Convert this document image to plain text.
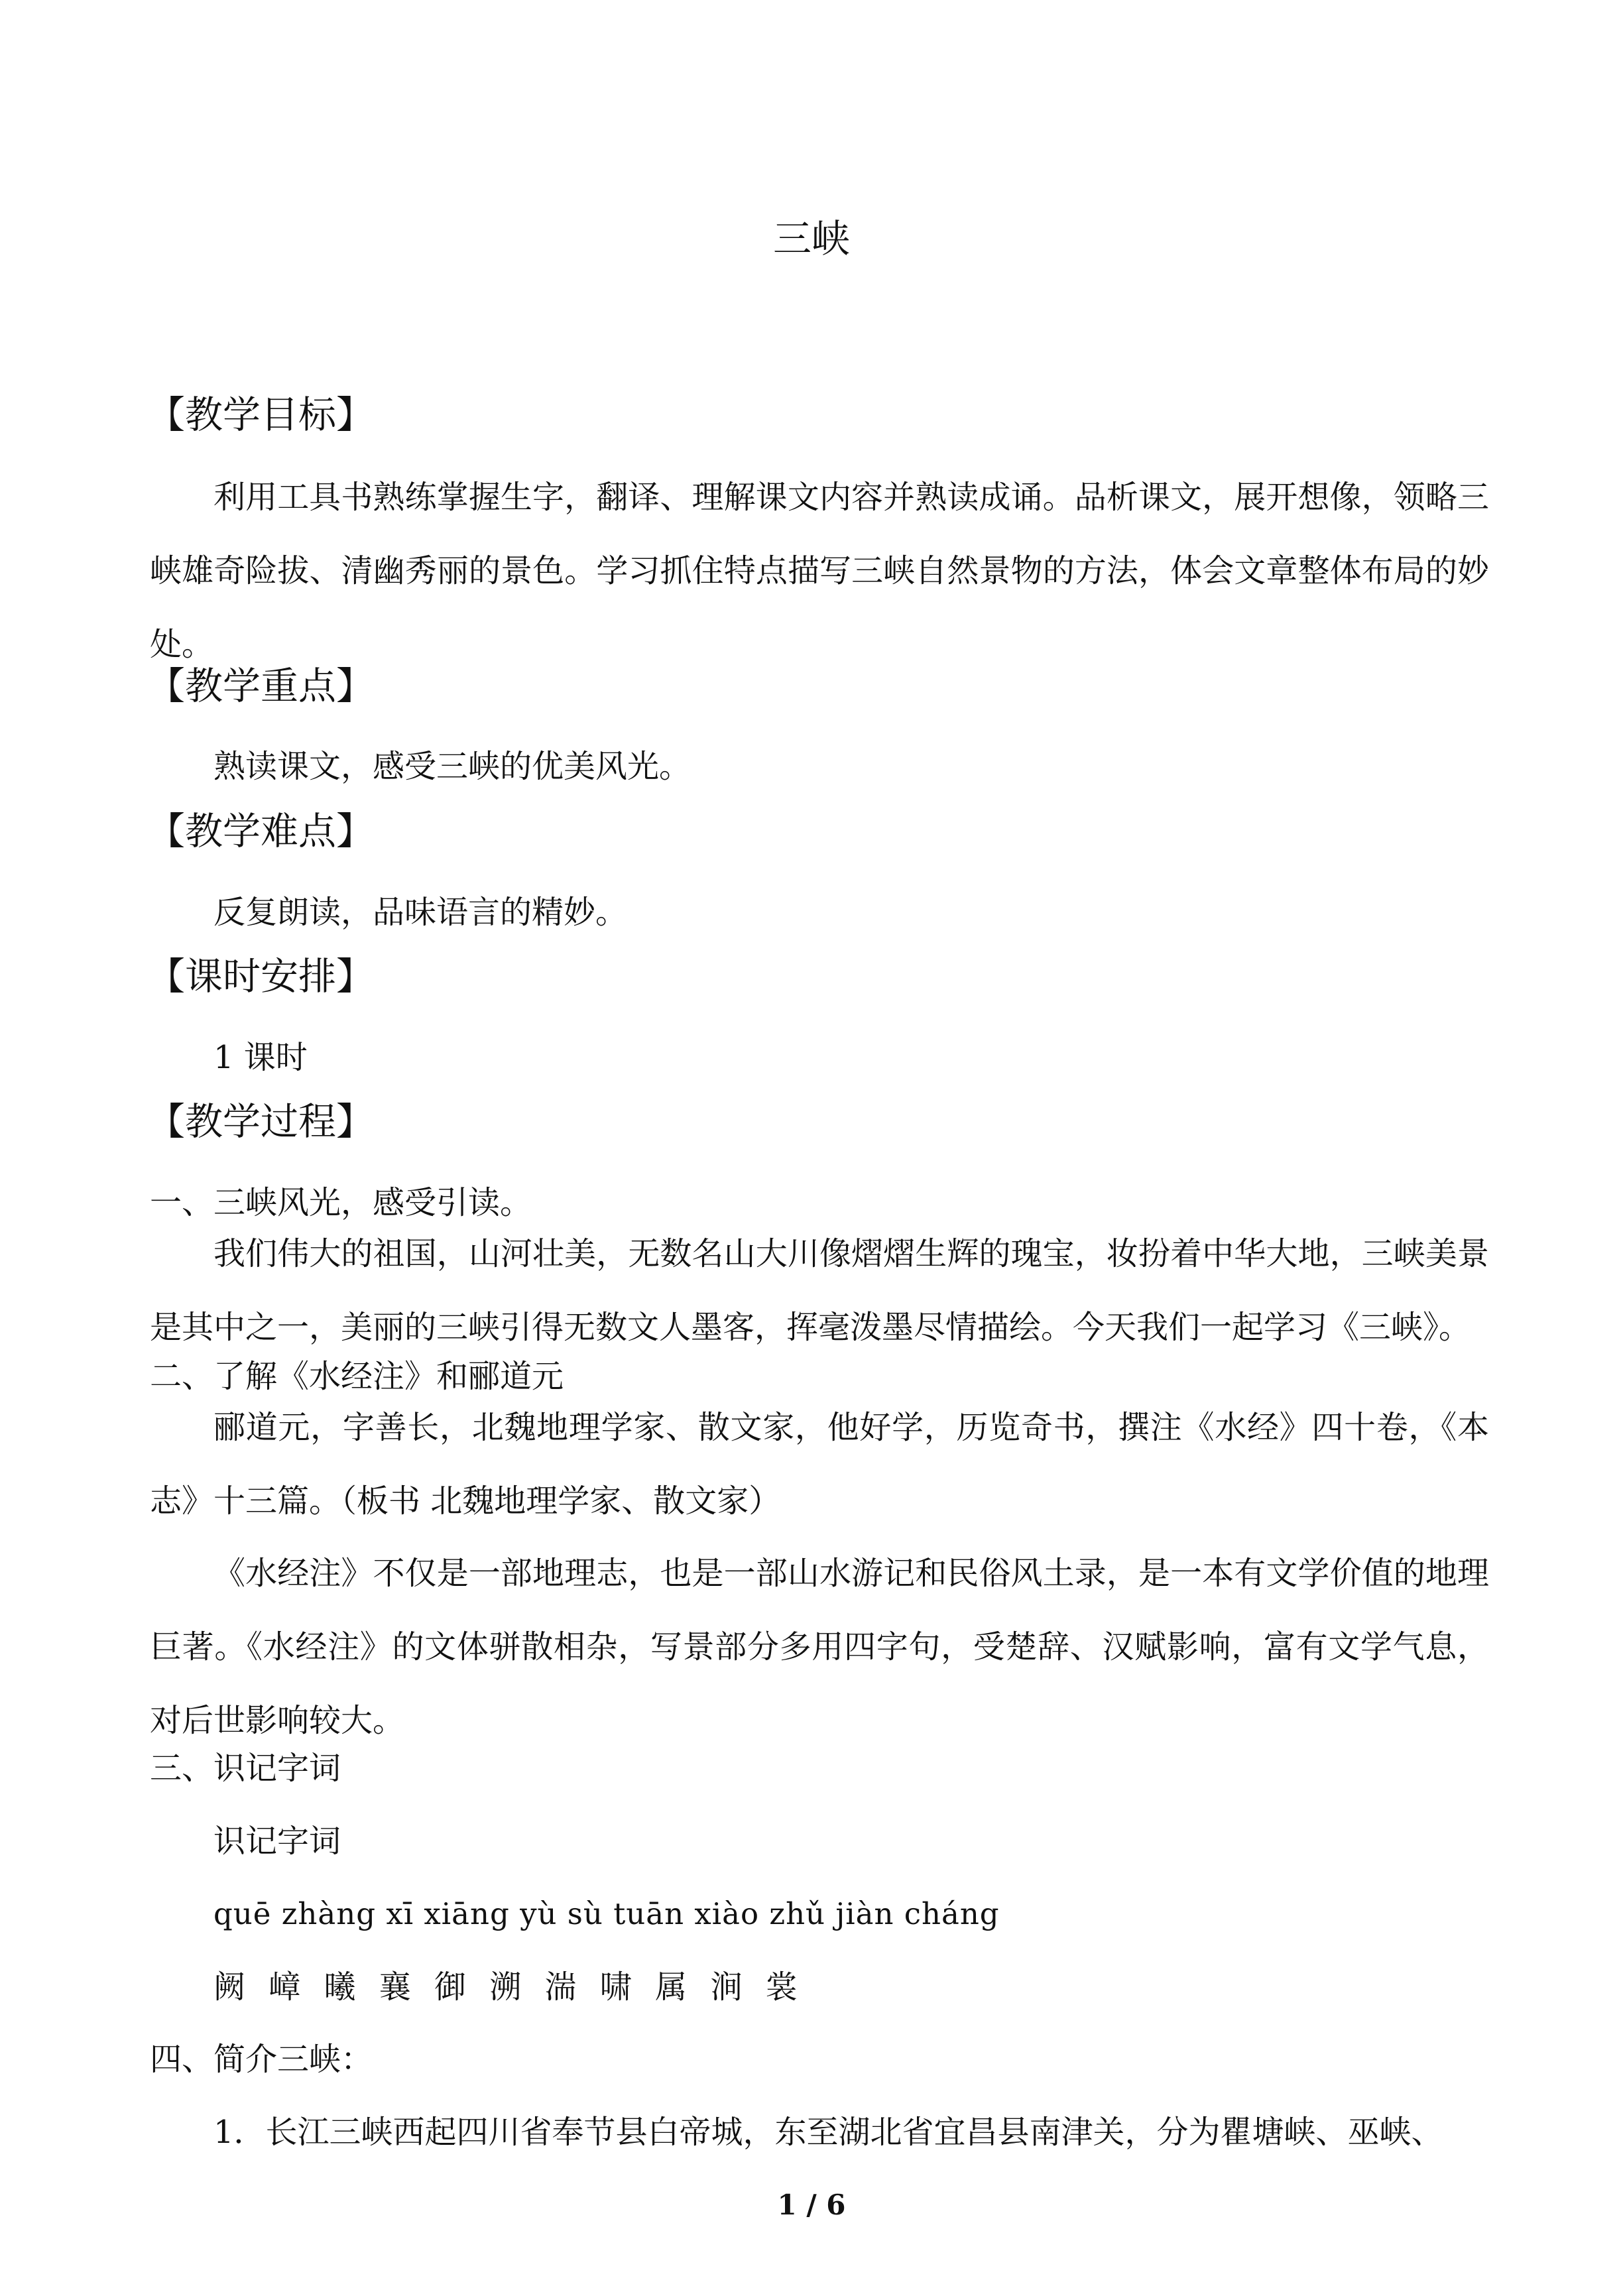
三峡
【教学目标】

利用工具书熟练掌握生字，翻译、理解课文内容并熟读成诵。品析课文，展开想像，领略三峡雄奇险拔、清幽秀丽的景色。学习抓住特点描写三峡自然景物的方法，体会文章整体布局的妙处。

【教学重点】

熟读课文，感受三峡的优美风光。

【教学难点】

反复朗读，品味语言的精妙。

【课时安排】

1 课时

【教学过程】

一、三峡风光，感受引读。

我们伟大的祖国，山河壮美，无数名山大川像熠熠生辉的瑰宝，妆扮着中华大地，三峡美景是其中之一，美丽的三峡引得无数文人墨客，挥毫泼墨尽情描绘。今天我们一起学习《三峡》。

二、了解《水经注》和郦道元

郦道元，字善长，北魏地理学家、散文家，他好学，历览奇书，撰注《水经》四十卷，《本志》十三篇。（板书 北魏地理学家、散文家）

《水经注》不仅是一部地理志，也是一部山水游记和民俗风土录，是一本有文学价值的地理巨著。《水经注》的文体骈散相杂，写景部分多用四字句，受楚辞、汉赋影响，富有文学气息，对后世影响较大。

三、识记字词

识记字词

quē zhàng xī xiāng yù sù tuān xiào zhǔ jiàn cháng

阙 嶂 曦 襄 御 溯 湍 啸 属 涧 裳

四、简介三峡：

1．长江三峡西起四川省奉节县白帝城，东至湖北省宜昌县南津关，分为瞿塘峡、巫峡、

1 / 6
